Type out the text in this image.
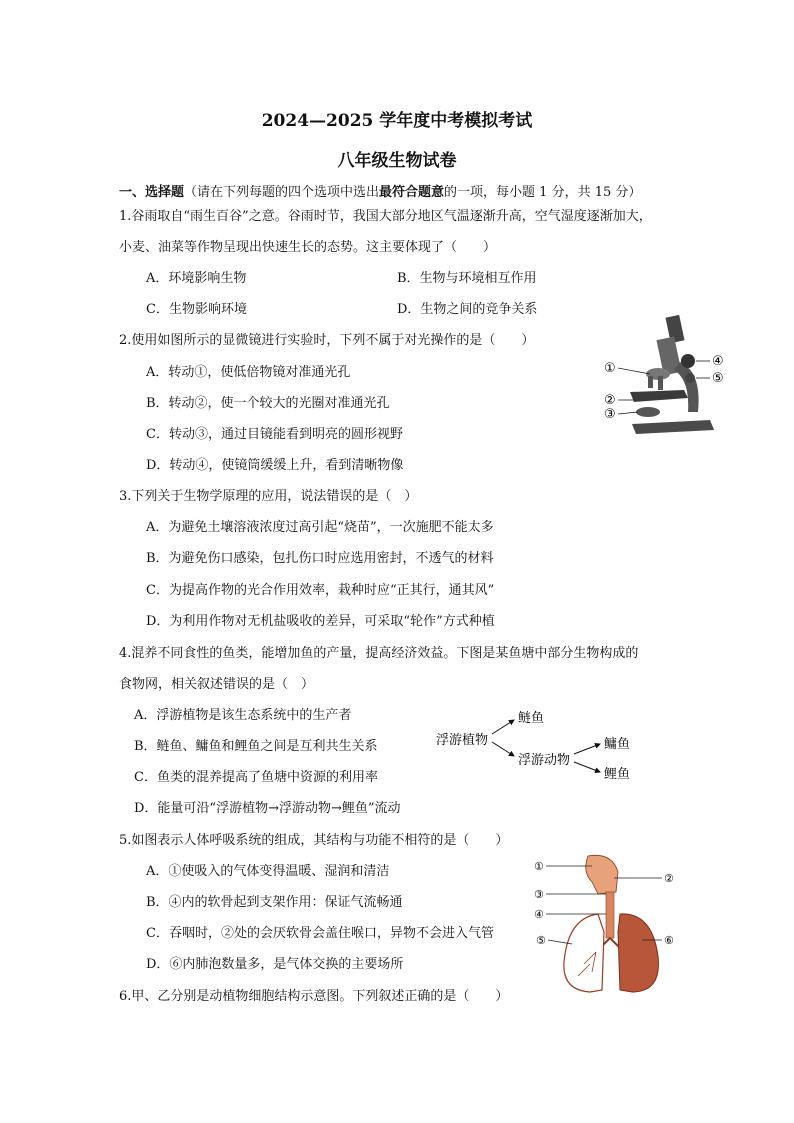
2024—2025 学年度中考模拟考试
八年级生物试卷
一、选择题（请在下列每题的四个选项中选出最符合题意的一项，每小题 1 分，共 15 分）
1.谷雨取自“雨生百谷”之意。谷雨时节，我国大部分地区气温逐渐升高，空气湿度逐渐加大，
小麦、油菜等作物呈现出快速生长的态势。这主要体现了（　　）
A．环境影响生物	B．生物与环境相互作用
C．生物影响环境	D．生物之间的竞争关系
2.使用如图所示的显微镜进行实验时，下列不属于对光操作的是（　　）
A．转动①，使低倍物镜对准通光孔
B．转动②，使一个较大的光圈对准通光孔
C．转动③，通过目镜能看到明亮的圆形视野
D．转动④，使镜筒缓缓上升，看到清晰物像
①
②
③
④
⑤
3.下列关于生物学原理的应用，说法错误的是（　）
A．为避免土壤溶液浓度过高引起“烧苗”，一次施肥不能太多
B．为避免伤口感染，包扎伤口时应选用密封，不透气的材料
C．为提高作物的光合作用效率，栽种时应“正其行，通其风”
D．为利用作物对无机盐吸收的差异，可采取“轮作”方式种植
4.混养不同食性的鱼类，能增加鱼的产量，提高经济效益。下图是某鱼塘中部分生物构成的
食物网，相关叙述错误的是（　）
A．浮游植物是该生态系统中的生产者
B．鲢鱼、鳙鱼和鲤鱼之间是互利共生关系
C．鱼类的混养提高了鱼塘中资源的利用率
D．能量可沿“浮游植物→浮游动物→鲤鱼”流动
浮游植物
鲢鱼
浮游动物
鳙鱼
鲤鱼
5.如图表示人体呼吸系统的组成，其结构与功能不相符的是（　　）
A．①使吸入的气体变得温暖、湿润和清洁
B．④内的软骨起到支架作用：保证气流畅通
C．吞咽时，②处的会厌软骨会盖住喉口，异物不会进入气管
D．⑥内肺泡数量多，是气体交换的主要场所
①
②
③
④
⑤	⑥
6.甲、乙分别是动植物细胞结构示意图。下列叙述正确的是（　　）
